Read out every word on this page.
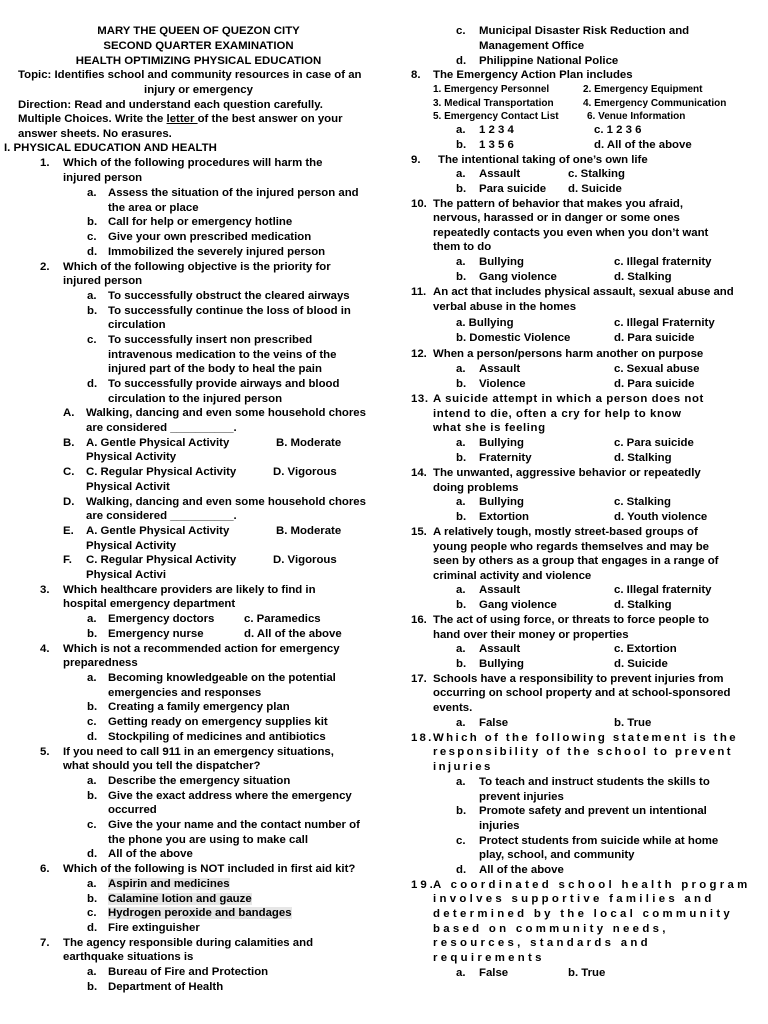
MARY THE QUEEN OF QUEZON CITY
SECOND QUARTER EXAMINATION
HEALTH OPTIMIZING PHYSICAL EDUCATION
Topic: Identifies school and community resources in case of an
injury or emergency
Direction: Read and understand each question carefully.
Multiple Choices. Write the letter of the best answer on your
answer sheets. No erasures.
I. PHYSICAL EDUCATION AND HEALTH
1. Which of the following procedures will harm the
injured person
a. Assess the situation of the injured person and
the area or place
b. Call for help or emergency hotline
c. Give your own prescribed medication
d. Immobilized the severely injured person
2. Which of the following objective is the priority for
injured person
a. To successfully obstruct the cleared airways
b. To successfully continue the loss of blood in
circulation
c. To successfully insert non prescribed
intravenous medication to the veins of the
injured part of the body to heal the pain
d. To successfully provide airways and blood
circulation to the injured person
A. Walking, dancing and even some household chores
are considered __________.
B. A. Gentle Physical Activity	B. Moderate
Physical Activity
C. C. Regular Physical Activity	D. Vigorous
Physical Activit
D. Walking, dancing and even some household chores
are considered __________.
E. A. Gentle Physical Activity	B. Moderate
Physical Activity
F. C. Regular Physical Activity	D. Vigorous
Physical Activi
3. Which healthcare providers are likely to find in
hospital emergency department
a. Emergency doctors	c. Paramedics
b. Emergency nurse	d. All of the above
4. Which is not a recommended action for emergency
preparedness
a. Becoming knowledgeable on the potential
emergencies and responses
b. Creating a family emergency plan
c. Getting ready on emergency supplies kit
d. Stockpiling of medicines and antibiotics
5. If you need to call 911 in an emergency situations,
what should you tell the dispatcher?
a. Describe the emergency situation
b. Give the exact address where the emergency
occurred
c. Give the your name and the contact number of
the phone you are using to make call
d. All of the above
6. Which of the following is NOT included in first aid kit?
a. Aspirin and medicines
b. Calamine lotion and gauze
c. Hydrogen peroxide and bandages
d. Fire extinguisher
7. The agency responsible during calamities and
earthquake situations is
a. Bureau of Fire and Protection
b. Department of Health
c. Municipal Disaster Risk Reduction and
Management Office
d. Philippine National Police
8. The Emergency Action Plan includes
1. Emergency Personnel	2. Emergency Equipment
3. Medical Transportation	4. Emergency Communication
5. Emergency Contact List	6. Venue Information
a. 1 2 3 4	c. 1 2 3 6
b. 1 3 5 6	d. All of the above
9. The intentional taking of one’s own life
a. Assault	c. Stalking
b. Para suicide d. Suicide
10. The pattern of behavior that makes you afraid,
nervous, harassed or in danger or some ones
repeatedly contacts you even when you don’t want
them to do
a. Bullying	c. Illegal fraternity
b. Gang violence	d. Stalking
11. An act that includes physical assault, sexual abuse and
verbal abuse in the homes
a. Bullying	c. Illegal Fraternity
b. Domestic Violence	d. Para suicide
12. When a person/persons harm another on purpose
a. Assault	c. Sexual abuse
b. Violence	d. Para suicide
13. A suicide attempt in which a person does not
intend to die, often a cry for help to know
what she is feeling
a. Bullying	c. Para suicide
b. Fraternity	d. Stalking
14. The unwanted, aggressive behavior or repeatedly
doing problems
a. Bullying	c. Stalking
b. Extortion	d. Youth violence
15. A relatively tough, mostly street-based groups of
young people who regards themselves and may be
seen by others as a group that engages in a range of
criminal activity and violence
a. Assault	c. Illegal fraternity
b. Gang violence	d. Stalking
16. The act of using force, or threats to force people to
hand over their money or properties
a. Assault	c. Extortion
b. Bullying	d. Suicide
17. Schools have a responsibility to prevent injuries from
occurring on school property and at school-sponsored
events.
a. False	b. True
18. Which of the following statement is the
responsibility of the school to prevent
injuries
a. To teach and instruct students the skills to
prevent injuries
b. Promote safety and prevent un intentional
injuries
c. Protect students from suicide while at home
play, school, and community
d. All of the above
19.
A coordinated school health program
involves supportive families and
determined by the local community
based on community needs,
resources, standards and
requirements
a. False	b. True
